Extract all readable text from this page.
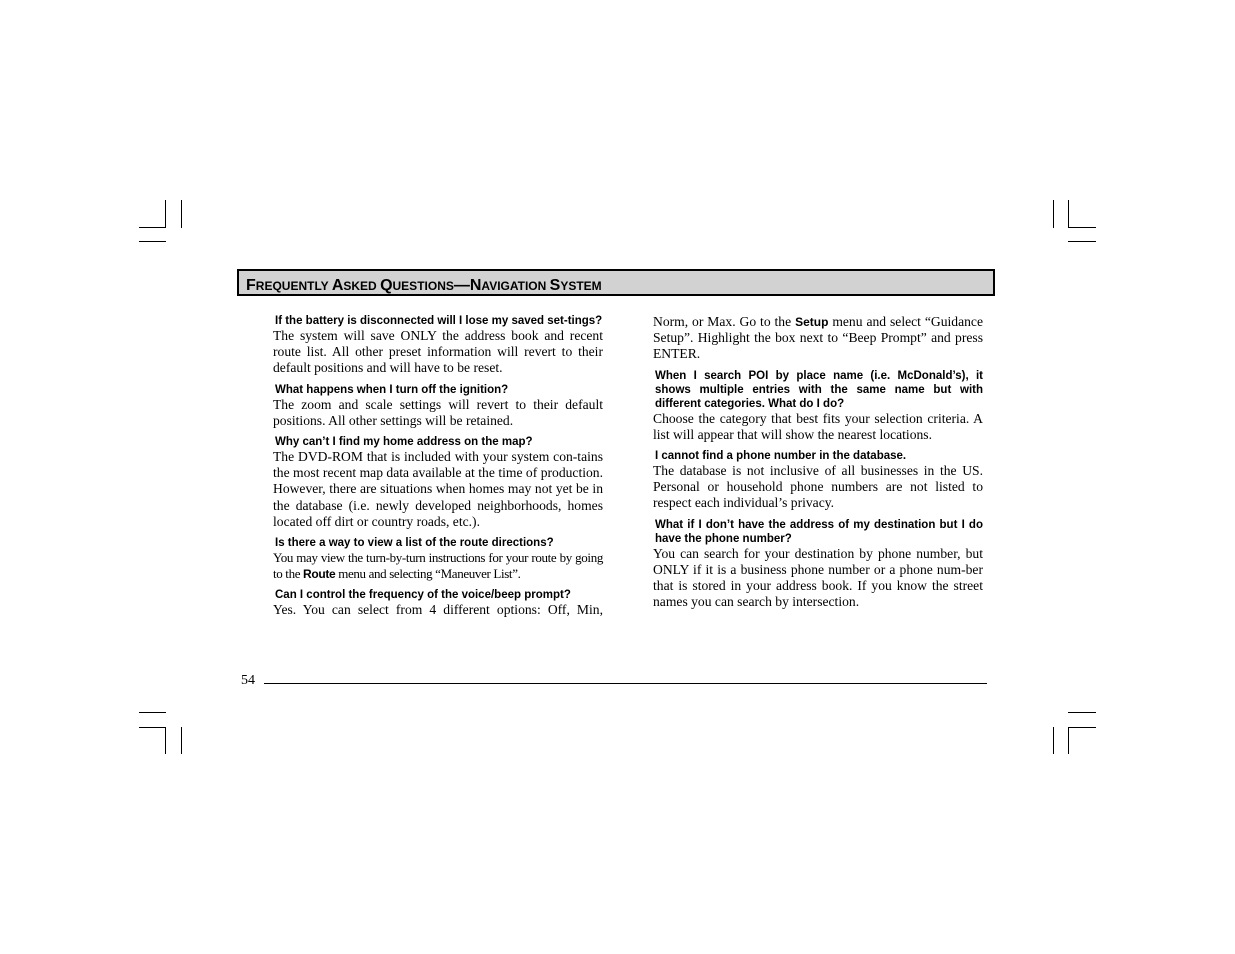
FREQUENTLY ASKED QUESTIONS—NAVIGATION SYSTEM
If the battery is disconnected will I lose my saved set-tings?
The system will save ONLY the address book and recent route list. All other preset information will revert to their default positions and will have to be reset.
What happens when I turn off the ignition?
The zoom and scale settings will revert to their default positions. All other settings will be retained.
Why can’t I find my home address on the map?
The DVD-ROM that is included with your system con-tains the most recent map data available at the time of production. However, there are situations when homes may not yet be in the database (i.e. newly developed neighborhoods, homes located off dirt or country roads, etc.).
Is there a way to view a list of the route directions?
You may view the turn-by-turn instructions for your route by going to the Route menu and selecting “Maneuver List”.
Can I control the frequency of the voice/beep prompt?
Yes. You can select from 4 different options: Off, Min,
Norm, or Max. Go to the Setup menu and select “Guidance Setup”. Highlight the box next to “Beep Prompt” and press ENTER.
When I search POI by place name (i.e. McDonald’s), it shows multiple entries with the same name but with different categories. What do I do?
Choose the category that best fits your selection criteria. A list will appear that will show the nearest locations.
I cannot find a phone number in the database.
The database is not inclusive of all businesses in the US. Personal or household phone numbers are not listed to respect each individual’s privacy.
What if I don’t have the address of my destination but I do have the phone number?
You can search for your destination by phone number, but ONLY if it is a business phone number or a phone num-ber that is stored in your address book. If you know the street names you can search by intersection.
54
